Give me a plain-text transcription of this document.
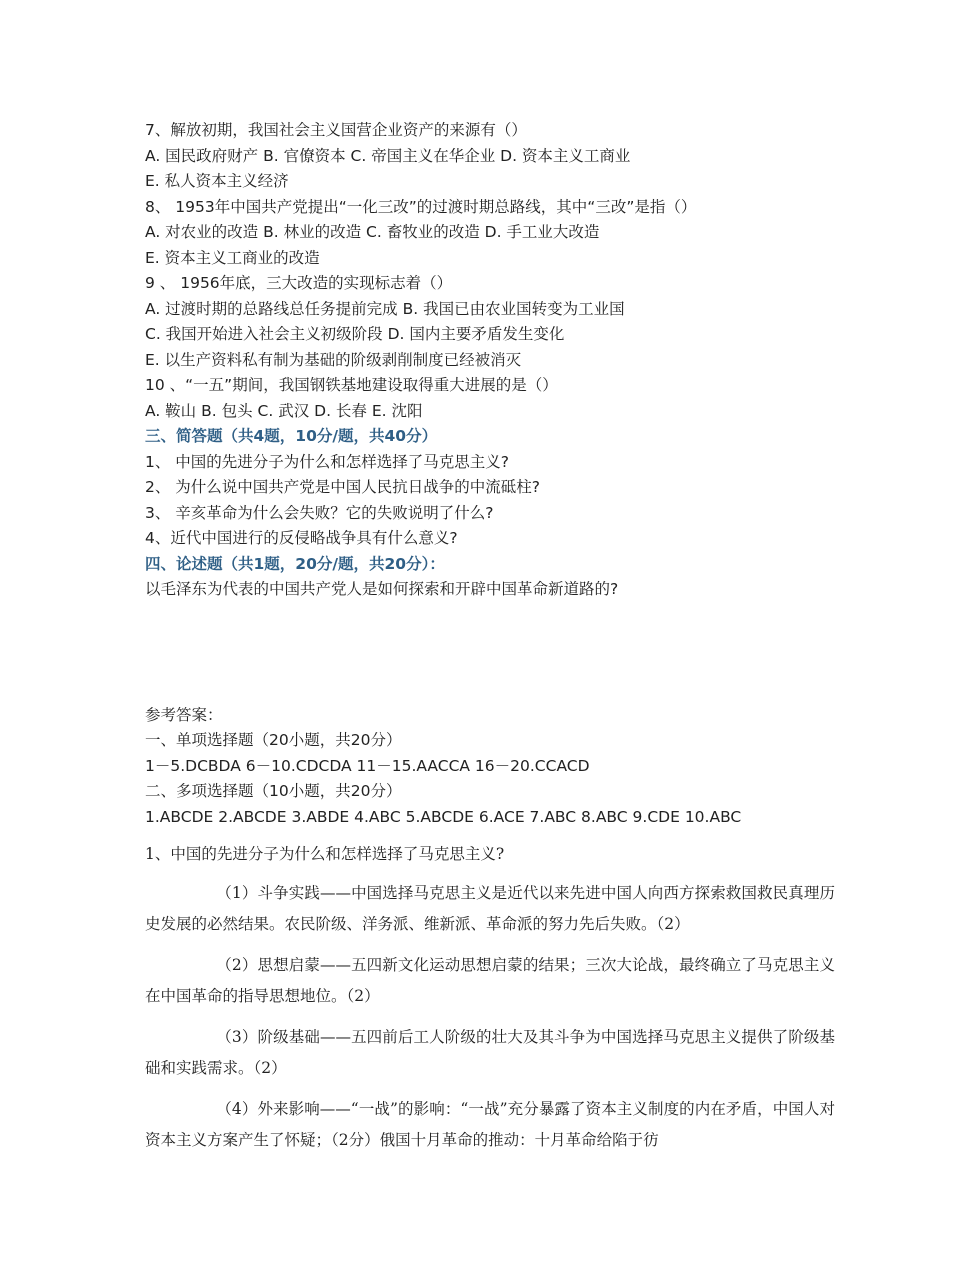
7、解放初期，我国社会主义国营企业资产的来源有（）
A. 国民政府财产 B. 官僚资本 C. 帝国主义在华企业 D. 资本主义工商业
E. 私人资本主义经济
8、 1953年中国共产党提出“一化三改”的过渡时期总路线，其中“三改”是指（）
A. 对农业的改造 B. 林业的改造 C. 畜牧业的改造 D. 手工业大改造
E. 资本主义工商业的改造
9 、 1956年底，三大改造的实现标志着（）
A. 过渡时期的总路线总任务提前完成 B. 我国已由农业国转变为工业国
C. 我国开始进入社会主义初级阶段 D. 国内主要矛盾发生变化
E. 以生产资料私有制为基础的阶级剥削制度已经被消灭
10 、“一五”期间，我国钢铁基地建设取得重大进展的是（）
A. 鞍山 B. 包头 C. 武汉 D. 长春 E. 沈阳
三、简答题（共4题，10分/题，共40分）
1、 中国的先进分子为什么和怎样选择了马克思主义?
2、 为什么说中国共产党是中国人民抗日战争的中流砥柱?
3、 辛亥革命为什么会失败？它的失败说明了什么?
4、近代中国进行的反侵略战争具有什么意义?
四、论述题（共1题，20分/题，共20分）：
以毛泽东为代表的中国共产党人是如何探索和开辟中国革命新道路的?
参考答案：
一、单项选择题（20小题，共20分）
1－5.DCBDA 6－10.CDCDA 11－15.AACCA 16－20.CCACD
二、多项选择题（10小题，共20分）
1.ABCDE 2.ABCDE 3.ABDE 4.ABC 5.ABCDE 6.ACE 7.ABC 8.ABC 9.CDE 10.ABC
1、中国的先进分子为什么和怎样选择了马克思主义?
（1）斗争实践——中国选择马克思主义是近代以来先进中国人向西方探索救国救民真理历史发展的必然结果。农民阶级、洋务派、维新派、革命派的努力先后失败。（2）
（2）思想启蒙——五四新文化运动思想启蒙的结果；三次大论战，最终确立了马克思主义在中国革命的指导思想地位。（2）
（3）阶级基础——五四前后工人阶级的壮大及其斗争为中国选择马克思主义提供了阶级基础和实践需求。（2）
（4）外来影响——“一战”的影响：“一战”充分暴露了资本主义制度的内在矛盾，中国人对资本主义方案产生了怀疑；（2分）俄国十月革命的推动：十月革命给陷于彷
